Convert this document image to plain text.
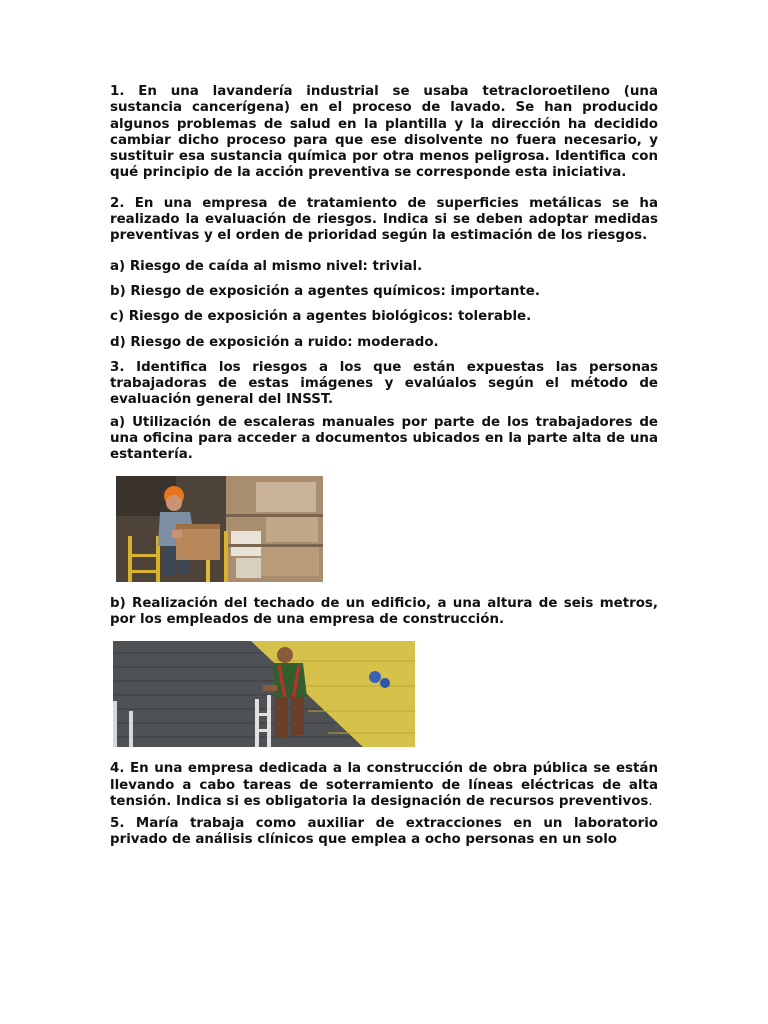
1. En una lavandería industrial se usaba tetracloroetileno (una sustancia cancerígena) en el proceso de lavado. Se han producido algunos problemas de salud en la plantilla y la dirección ha decidido cambiar dicho proceso para que ese disolvente no fuera necesario, y sustituir esa sustancia química por otra menos peligrosa. Identifica con qué principio de la acción preventiva se corresponde esta iniciativa.

2. En una empresa de tratamiento de superficies metálicas se ha realizado la evaluación de riesgos. Indica si se deben adoptar medidas preventivas y el orden de prioridad según la estimación de los riesgos.

a) Riesgo de caída al mismo nivel: trivial.

b) Riesgo de exposición a agentes químicos: importante.

c) Riesgo de exposición a agentes biológicos: tolerable.

d) Riesgo de exposición a ruido: moderado.

3. Identifica los riesgos a los que están expuestas las personas trabajadoras de estas imágenes y evalúalos según el método de evaluación general del INSST.

a) Utilización de escaleras manuales por parte de los trabajadores de una oficina para acceder a documentos ubicados en la parte alta de una estantería.

b) Realización del techado de un edificio, a una altura de seis metros, por los empleados de una empresa de construcción.

4. En una empresa dedicada a la construcción de obra pública se están llevando a cabo tareas de soterramiento de líneas eléctricas de alta tensión. Indica si es obligatoria la designación de recursos preventivos.

5. María trabaja como auxiliar de extracciones en un laboratorio privado de análisis clínicos que emplea a ocho personas en un solo
